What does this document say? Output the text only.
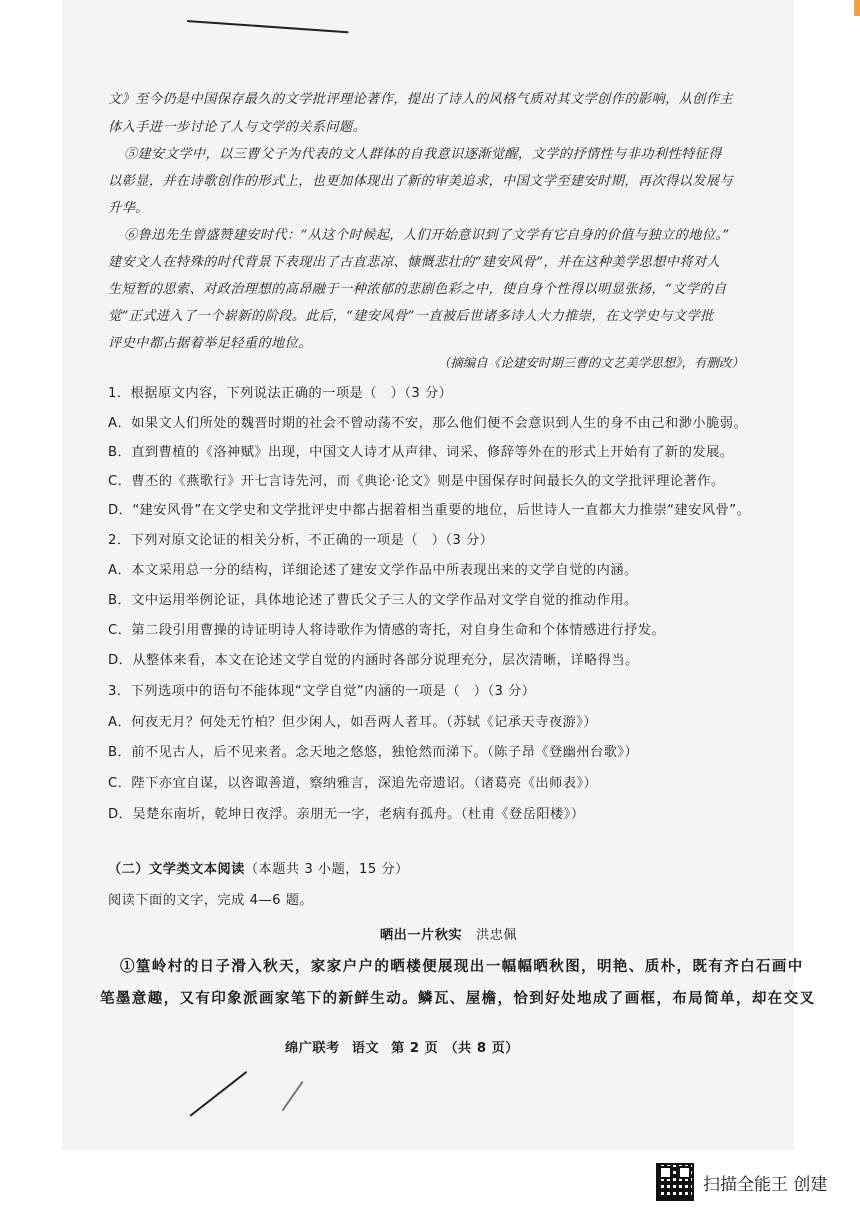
文》至今仍是中国保存最久的文学批评理论著作，提出了诗人的风格气质对其文学创作的影响，从创作主
体入手进一步讨论了人与文学的关系问题。
⑤建安文学中，以三曹父子为代表的文人群体的自我意识逐渐觉醒，文学的抒情性与非功利性特征得
以彰显，并在诗歌创作的形式上，也更加体现出了新的审美追求，中国文学至建安时期，再次得以发展与
升华。
⑥鲁迅先生曾盛赞建安时代：“从这个时候起，人们开始意识到了文学有它自身的价值与独立的地位。”
建安文人在特殊的时代背景下表现出了古直悲凉、慷慨悲壮的“建安风骨”，并在这种美学思想中将对人
生短暂的思索、对政治理想的高昂融于一种浓郁的悲剧色彩之中，使自身个性得以明显张扬，“文学的自
觉”正式进入了一个崭新的阶段。此后，“建安风骨”一直被后世诸多诗人大力推崇，在文学史与文学批
评史中都占据着举足轻重的地位。
（摘编自《论建安时期三曹的文艺美学思想》，有删改）
1．根据原文内容，下列说法正确的一项是（　）（3 分）
A．如果文人们所处的魏晋时期的社会不曾动荡不安，那么他们便不会意识到人生的身不由己和渺小脆弱。
B．直到曹植的《洛神赋》出现，中国文人诗才从声律、词采、修辞等外在的形式上开始有了新的发展。
C．曹丕的《燕歌行》开七言诗先河，而《典论·论文》则是中国保存时间最长久的文学批评理论著作。
D．“建安风骨”在文学史和文学批评史中都占据着相当重要的地位，后世诗人一直都大力推崇“建安风骨”。
2．下列对原文论证的相关分析，不正确的一项是（　）（3 分）
A．本文采用总一分的结构，详细论述了建安文学作品中所表现出来的文学自觉的内涵。
B．文中运用举例论证，具体地论述了曹氏父子三人的文学作品对文学自觉的推动作用。
C．第二段引用曹操的诗证明诗人将诗歌作为情感的寄托，对自身生命和个体情感进行抒发。
D．从整体来看，本文在论述文学自觉的内涵时各部分说理充分，层次清晰，详略得当。
3．下列选项中的语句不能体现“文学自觉”内涵的一项是（　）（3 分）
A．何夜无月？何处无竹柏？但少闲人，如吾两人者耳。（苏轼《记承天寺夜游》）
B．前不见古人，后不见来者。念天地之悠悠，独怆然而涕下。（陈子昂《登幽州台歌》）
C．陛下亦宜自谋，以咨诹善道，察纳雅言，深追先帝遗诏。（诸葛亮《出师表》）
D．吴楚东南圻，乾坤日夜浮。亲朋无一字，老病有孤舟。（杜甫《登岳阳楼》）
（二）文学类文本阅读（本题共 3 小题，15 分）
阅读下面的文字，完成 4—6 题。
晒出一片秋实 洪忠佩
①篁岭村的日子滑入秋天，家家户户的晒楼便展现出一幅幅晒秋图，明艳、质朴，既有齐白石画中
笔墨意趣，又有印象派画家笔下的新鲜生动。鳞瓦、屋檐，恰到好处地成了画框，布局简单，却在交叉
绵广联考 语文 第 2 页 （共 8 页）
扫描全能王 创建
